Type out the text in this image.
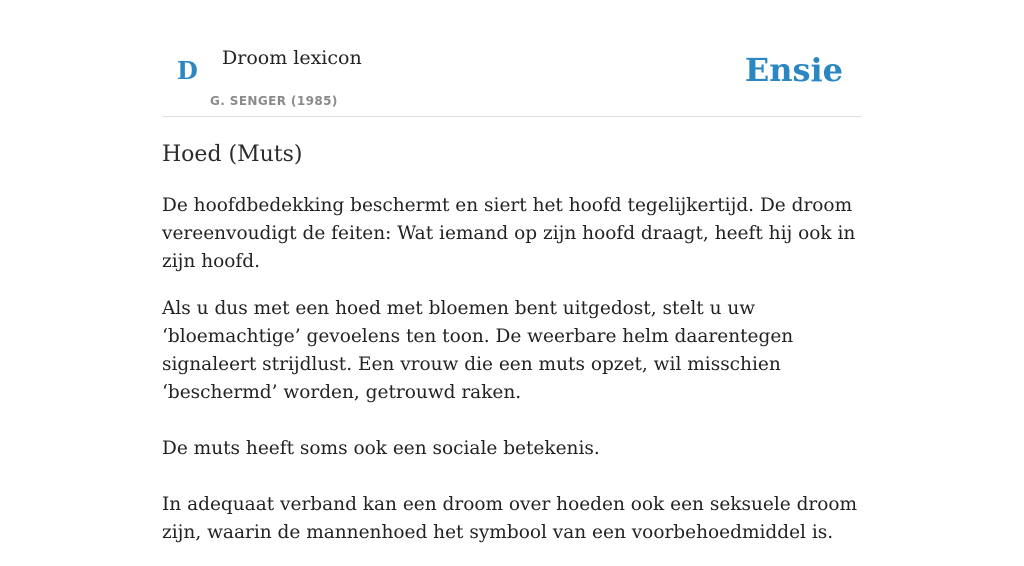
D Droom lexicon
G. SENGER (1985)
Ensie
Hoed (Muts)

De hoofdbedekking beschermt en siert het hoofd tegelijkertijd. De droom vereenvoudigt de feiten: Wat iemand op zijn hoofd draagt, heeft hij ook in zijn hoofd.

Als u dus met een hoed met bloemen bent uitgedost, stelt u uw ‘bloemachtige’ gevoelens ten toon. De weerbare helm daarentegen signaleert strijdlust. Een vrouw die een muts opzet, wil misschien ‘beschermd’ worden, getrouwd raken.

De muts heeft soms ook een sociale betekenis.

In adequaat verband kan een droom over hoeden ook een seksuele droom zijn, waarin de mannenhoed het symbool van een voorbehoedmiddel is.
